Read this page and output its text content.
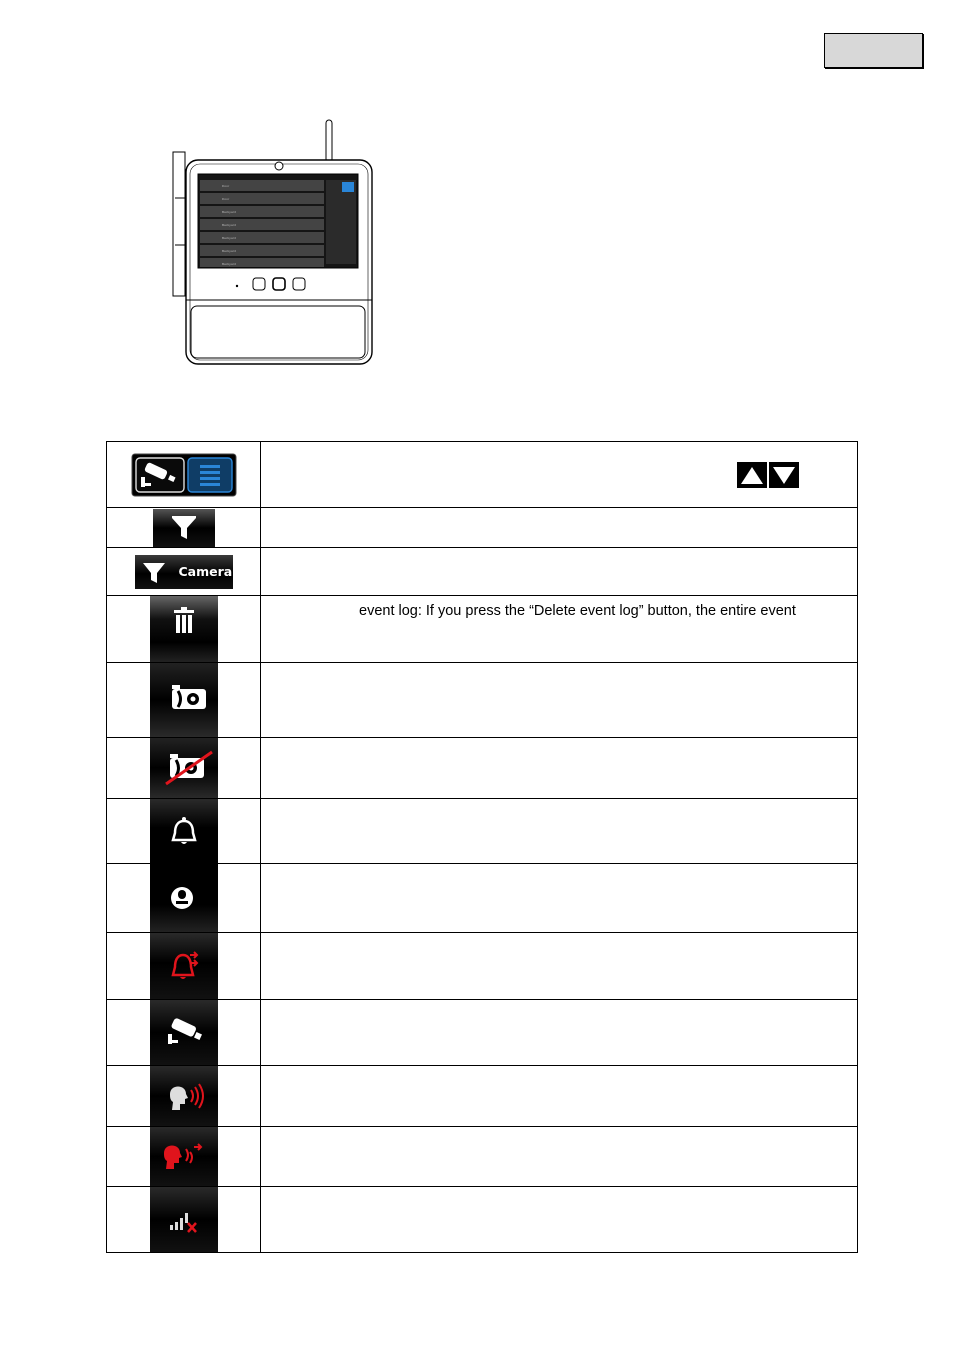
Door
Door
Backyard
Backyard
Backyard
Backyard
Backyard

Camera	

event log: If you press the “Delete event log” button, the entire event
